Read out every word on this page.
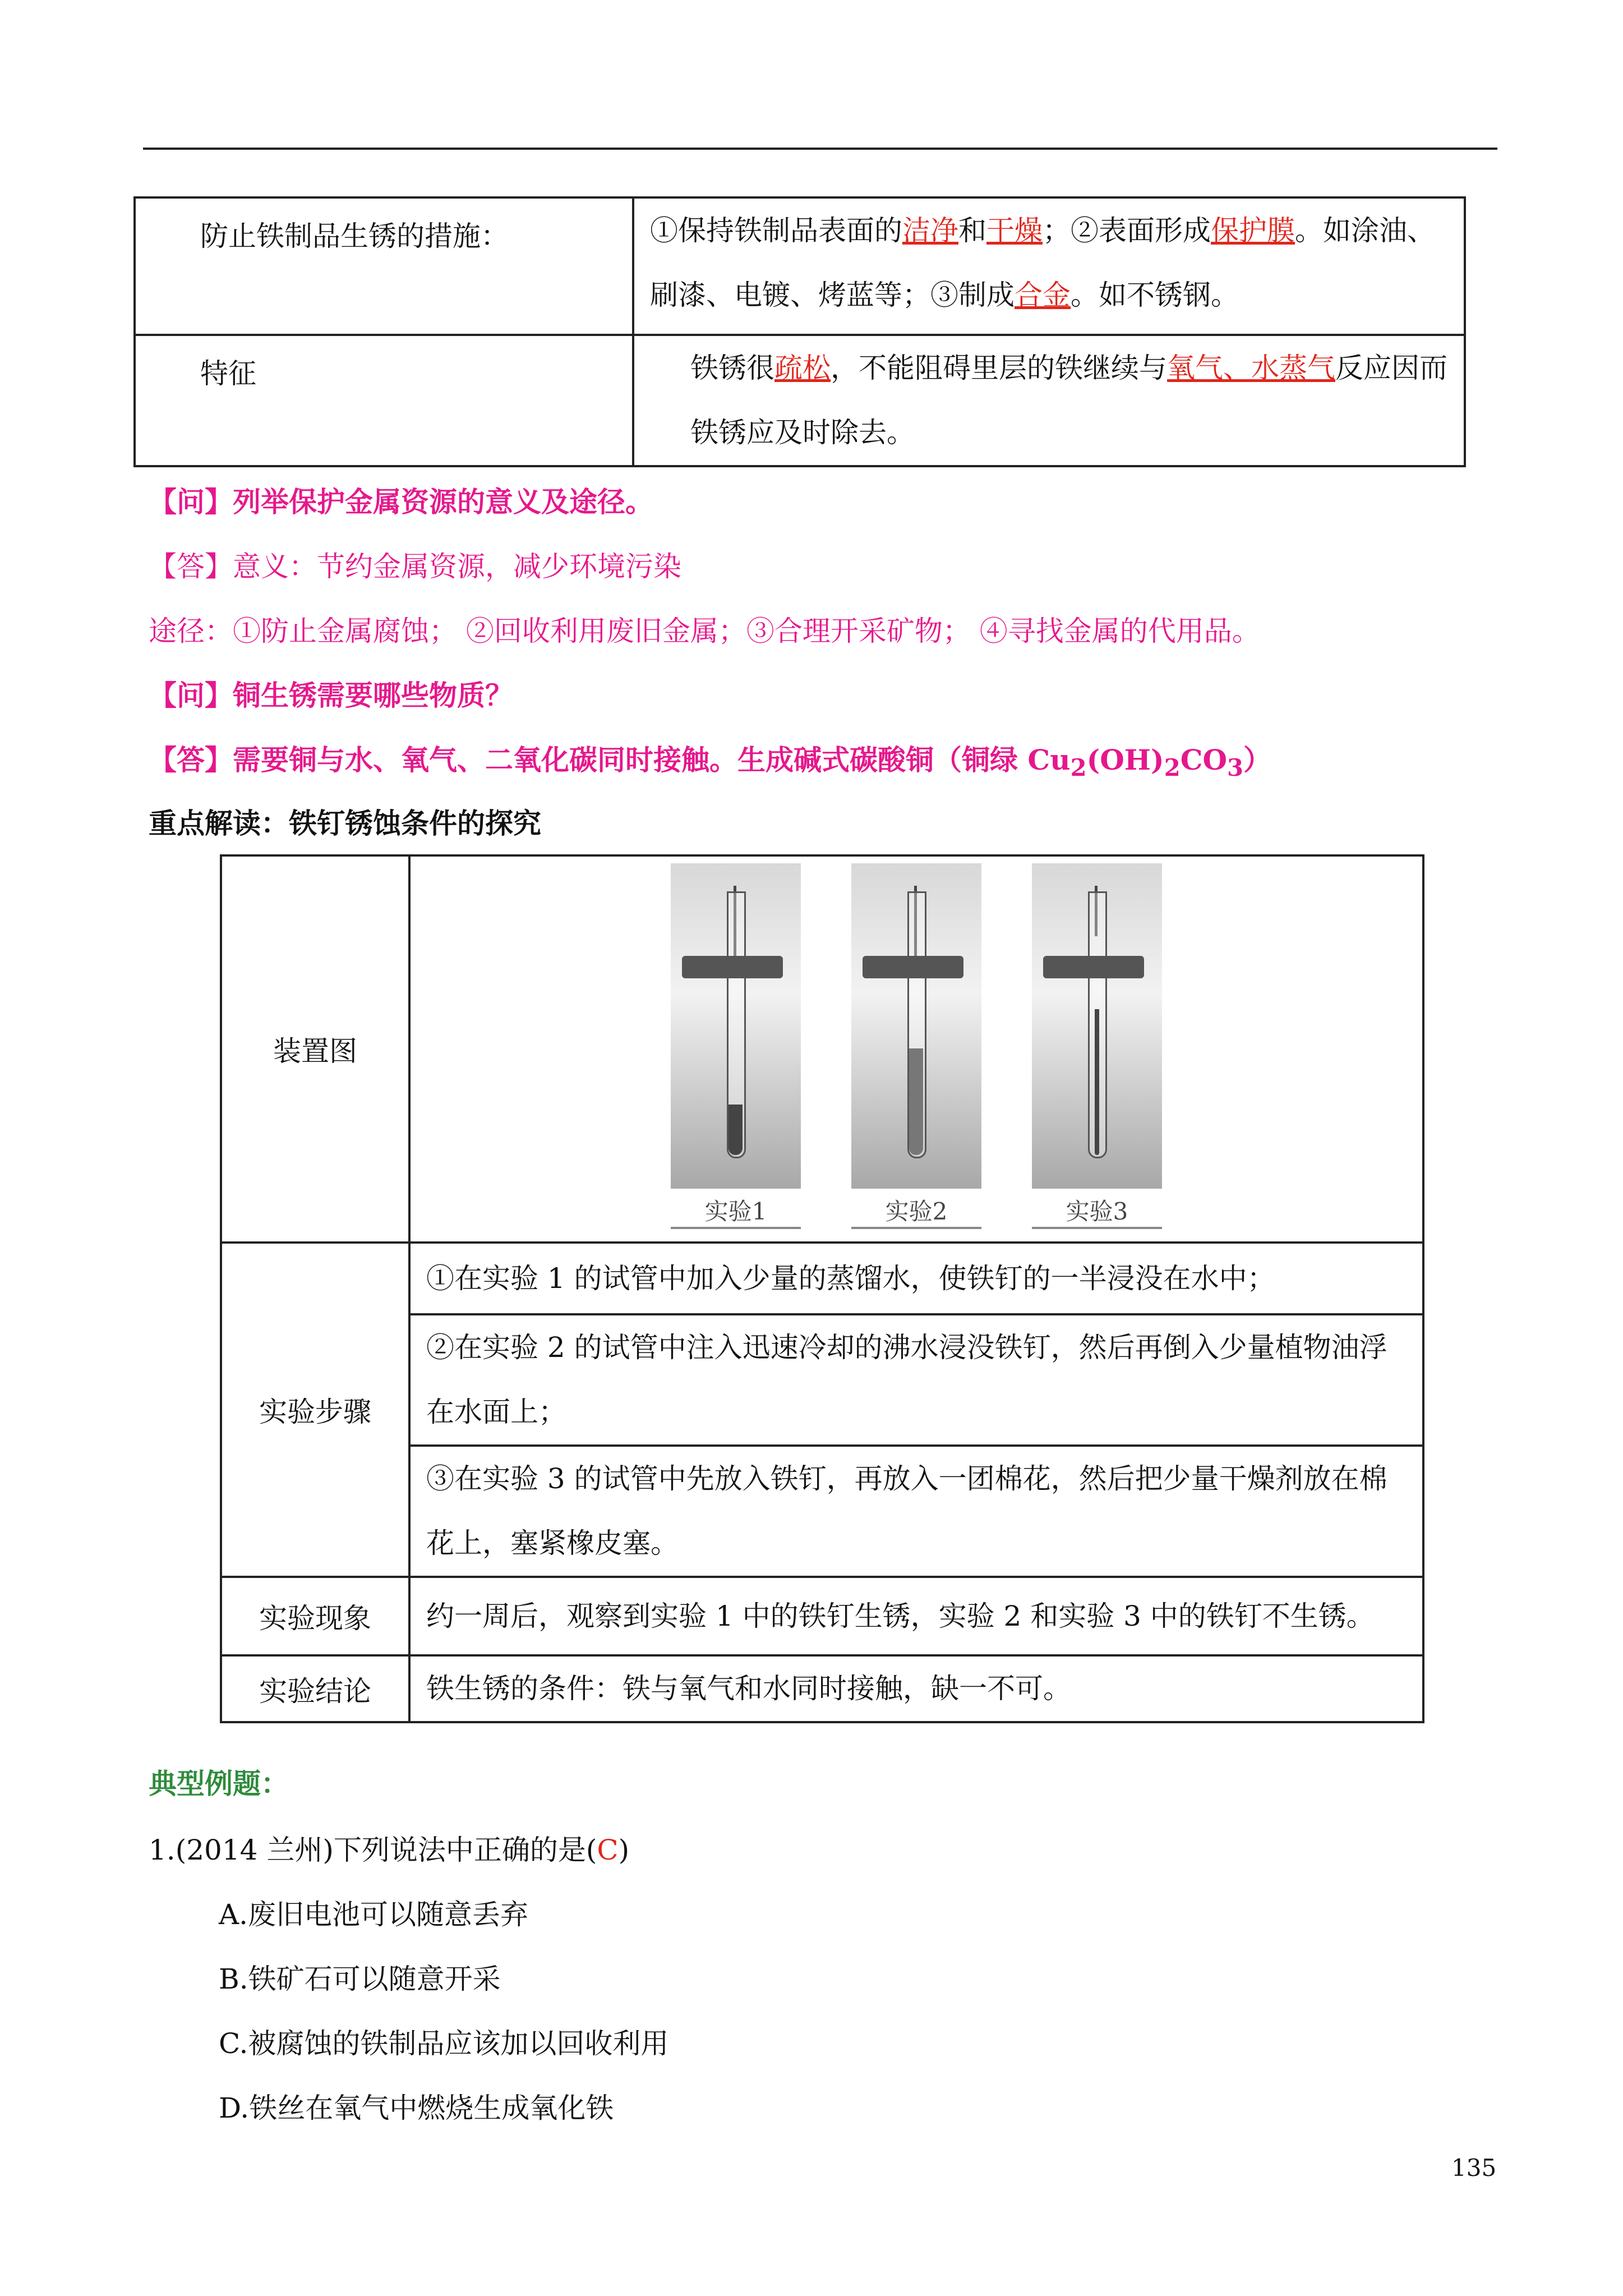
防止铁制品生锈的措施：	①保持铁制品表面的洁净和干燥；②表面形成保护膜。如涂油、刷漆、电镀、烤蓝等；③制成合金。如不锈钢。
特征	铁锈很疏松，不能阻碍里层的铁继续与氧气、水蒸气反应因而铁锈应及时除去。
【问】列举保护金属资源的意义及途径。
【答】意义：节约金属资源，减少环境污染
途径：①防止金属腐蚀； ②回收利用废旧金属；③合理开采矿物； ④寻找金属的代用品。
【问】铜生锈需要哪些物质？
【答】需要铜与水、氧气、二氧化碳同时接触。生成碱式碳酸铜（铜绿 $Cu_2(OH)_2CO_3$）
重点解读：铁钉锈蚀条件的探究
装置图	实验1 实验2 实验3

实验步骤	①在实验 1 的试管中加入少量的蒸馏水，使铁钉的一半浸没在水中；
	②在实验 2 的试管中注入迅速冷却的沸水浸没铁钉，然后再倒入少量植物油浮在水面上；
	③在实验 3 的试管中先放入铁钉，再放入一团棉花，然后把少量干燥剂放在棉花上，塞紧橡皮塞。
实验现象	约一周后，观察到实验 1 中的铁钉生锈，实验 2 和实验 3 中的铁钉不生锈。
实验结论	铁生锈的条件：铁与氧气和水同时接触，缺一不可。
典型例题：
1.(2014 兰州)下列说法中正确的是(C)
A.废旧电池可以随意丢弃
B.铁矿石可以随意开采
C.被腐蚀的铁制品应该加以回收利用
D.铁丝在氧气中燃烧生成氧化铁
135
